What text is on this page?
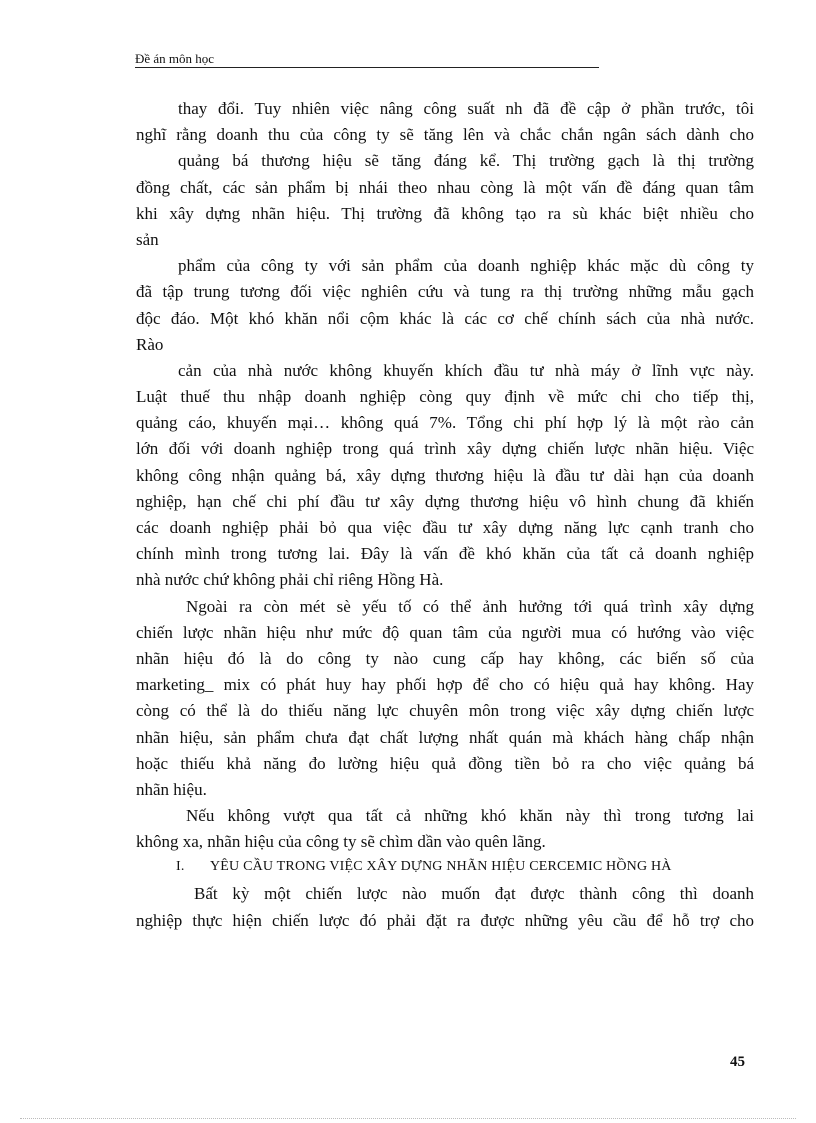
Đề án môn học
thay đổi. Tuy nhiên việc nâng công suất nh đã đề cập ở phần trước, tôi
nghĩ rằng doanh thu của công ty sẽ tăng lên và chắc chắn ngân sách dành cho
quảng bá thương hiệu sẽ tăng đáng kể. Thị trường gạch là thị trường
đồng chất, các sản phẩm bị nhái theo nhau còng là một vấn đề đáng quan tâm
khi xây dựng nhãn hiệu. Thị trường đã không tạo ra sù khác biệt nhiều cho
sản
phẩm của công ty với sản phẩm của doanh nghiệp khác mặc dù công ty
đã tập trung tương đối việc nghiên cứu và tung ra thị trường những mẫu gạch
độc đáo. Một khó khăn nổi cộm khác là các cơ chế chính sách của nhà nước.
Rào
cản của nhà nước không khuyến khích đầu tư nhà máy ở lĩnh vực này.
Luật thuế thu nhập doanh nghiệp còng quy định về mức chi cho tiếp thị,
quảng cáo, khuyến mại… không quá 7%. Tổng chi phí hợp lý là một rào cản
lớn đối với doanh nghiệp trong quá trình xây dựng chiến lược nhãn hiệu. Việc
không công nhận quảng bá, xây dựng thương hiệu là đầu tư dài hạn của doanh
nghiệp, hạn chế chi phí đầu tư xây dựng thương hiệu vô hình chung đã khiến
các doanh nghiệp phải bỏ qua việc đầu tư xây dựng năng lực cạnh tranh cho
chính mình trong tương lai. Đây là vấn đề khó khăn của tất cả doanh nghiệp
nhà nước chứ không phải chỉ riêng Hồng Hà.
Ngoài ra còn mét sè yếu tố có thể ảnh hưởng tới quá trình xây dựng
chiến lược nhãn hiệu như mức độ quan tâm của người mua có hướng vào việc
nhãn hiệu đó là do công ty nào cung cấp hay không, các biến số của
marketing_ mix có phát huy hay phối hợp để cho có hiệu quả hay không. Hay
còng có thể là do thiếu năng lực chuyên môn trong việc xây dựng chiến lược
nhãn hiệu, sản phẩm chưa đạt chất lượng nhất quán mà khách hàng chấp nhận
hoặc thiếu khả năng đo lường hiệu quả đồng tiền bỏ ra cho việc quảng bá
nhãn hiệu.
Nếu không vượt qua tất cả những khó khăn này thì trong tương lai
không xa, nhãn hiệu của công ty sẽ chìm dần vào quên lãng.
I. YÊU CẦU TRONG VIỆC XÂY DỰNG NHÃN HIỆU CERCEMIC HỒNG HÀ
Bất kỳ một chiến lược nào muốn đạt được thành công thì doanh
nghiệp thực hiện chiến lược đó phải đặt ra được những yêu cầu để hỗ trợ cho
45
